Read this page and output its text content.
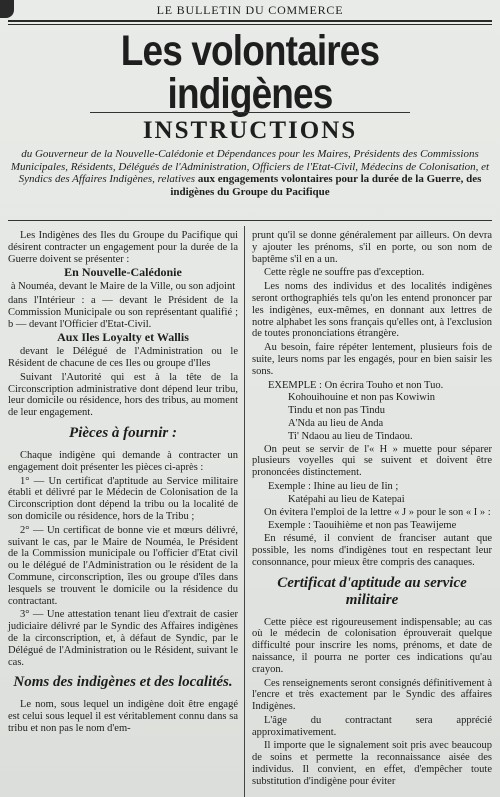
LE BULLETIN DU COMMERCE
Les volontaires indigènes
INSTRUCTIONS
du Gouverneur de la Nouvelle-Calédonie et Dépendances pour les Maires, Présidents des Commissions Municipales, Résidents, Délégués de l'Administration, Officiers de l'Etat-Civil, Médecins de Colonisation, et Syndics des Affaires Indigènes, relatives aux engagements volontaires pour la durée de la Guerre, des indigènes du Groupe du Pacifique

Les Indigènes des Iles du Groupe du Pacifique qui désirent contracter un engagement pour la durée de la Guerre doivent se présenter :

En Nouvelle-Calédonie

à Nouméa, devant le Maire de la Ville, ou son adjoint

dans l'Intérieur : a — devant le Président de la Commission Municipale ou son représentant qualifié ; b — devant l'Officier d'Etat-Civil.

Aux Iles Loyalty et Wallis

devant le Délégué de l'Administration ou le Résident de chacune de ces Iles ou groupe d'Iles

Suivant l'Autorité qui est à la tête de la Circonscription administrative dont dépend leur tribu, leur domicile ou résidence, hors des tribus, au moment de leur engagement.

Pièces à fournir :

Chaque indigène qui demande à contracter un engagement doit présenter les pièces ci-après :

1° — Un certificat d'aptitude au Service militaire établi et délivré par le Médecin de Colonisation de la Circonscription dont dépend la tribu ou la localité de son domicile ou résidence, hors de la Tribu ;

2° — Un certificat de bonne vie et mœurs délivré, suivant le cas, par le Maire de Nouméa, le Président de la Commission municipale ou l'officier d'Etat civil ou le délégué de l'Administration ou le résident de la Commune, circonscription, îles ou groupe d'îles dans lesquels se trouvent le domicile ou la résidence du contractant.

3° — Une attestation tenant lieu d'extrait de casier judiciaire délivré par le Syndic des Affaires indigènes de la circonscription, et, à défaut de Syndic, par le Délégué de l'Administration ou le Résident, suivant le cas.

Noms des indigènes et des localités.

Le nom, sous lequel un indigène doit être engagé est celui sous lequel il est véritablement connu dans sa tribu et non pas le nom d'em-

prunt qu'il se donne généralement par ailleurs. On devra y ajouter les prénoms, s'il en porte, ou son nom de baptême s'il en a un.

Cette règle ne souffre pas d'exception.

Les noms des individus et des localités indigènes seront orthographiés tels qu'on les entend prononcer par les indigènes, eux-mêmes, en donnant aux lettres de notre alphabet les sons français qu'elles ont, à l'exclusion de toutes prononciations étrangère.

Au besoin, faire répéter lentement, plusieurs fois de suite, leurs noms par les engagés, pour en bien saisir les sons.

EXEMPLE : On écrira Touho et non Tuo.

Kohouihouine et non pas Kowiwin

Tindu et non pas Tindu

A'Nda au lieu de Anda

Ti' Ndaou au lieu de Tindaou.

On peut se servir de l'« H » muette pour séparer plusieurs voyelles qui se suivent et doivent être prononcées distinctement.

Exemple : Ihine au lieu de Iin ;

Katépahi au lieu de Katepai

On évitera l'emploi de la lettre « J » pour le son « I » :

Exemple : Taouihième et non pas Teawijeme

En résumé, il convient de franciser autant que possible, les noms d'indigènes tout en respectant leur consonnance, pour mieux être compris des canaques.

Certificat d'aptitude au service militaire

Cette pièce est rigoureusement indispensable; au cas où le médecin de colonisation éprouverait quelque difficulté pour inscrire les noms, prénoms, et date de naissance, il pourra ne porter ces indications qu'au crayon.

Ces renseignements seront consignés définitivement à l'encre et très exactement par le Syndic des affaires Indigènes.

L'âge du contractant sera apprécié approximativement.

Il importe que le signalement soit pris avec beaucoup de soins et permette la reconnaissance aisée des individus. Il convient, en effet, d'empêcher toute substitution d'indigène pour éviter
